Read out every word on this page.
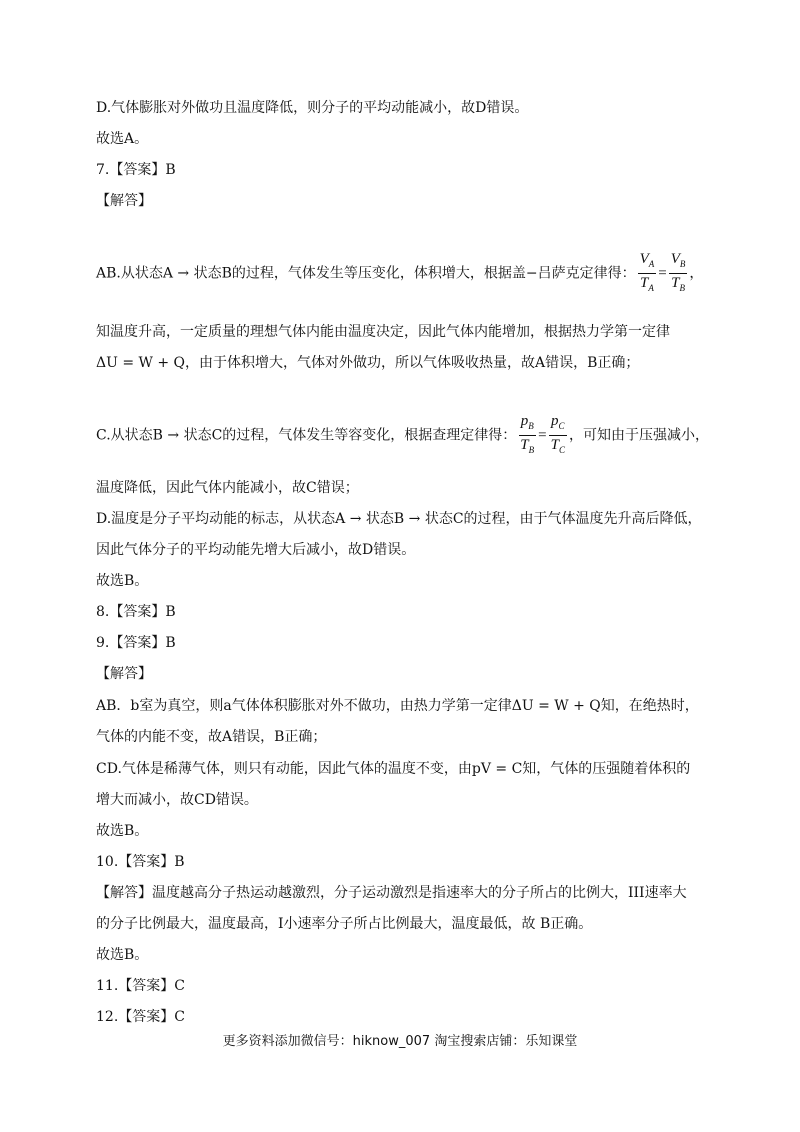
D.气体膨胀对外做功且温度降低，则分子的平均动能减小，故D错误。
故选A。
7.【答案】B
【解答】
AB.从状态A → 状态B的过程，气体发生等压变化，体积增大，根据盖−吕萨克定律得： $\frac{V_A}{T_A} = \frac{V_B}{T_B}$ ，
知温度升高，一定质量的理想气体内能由温度决定，因此气体内能增加，根据热力学第一定律
ΔU = W + Q，由于体积增大，气体对外做功，所以气体吸收热量，故A错误，B正确；
C.从状态B → 状态C的过程，气体发生等容变化，根据查理定律得： $\frac{p_B}{T_B} = \frac{p_C}{T_C}$ ，可知由于压强减小，
温度降低，因此气体内能减小，故C错误；
D.温度是分子平均动能的标志，从状态A → 状态B → 状态C的过程，由于气体温度先升高后降低，
因此气体分子的平均动能先增大后减小，故D错误。
故选B。
8.【答案】B
9.【答案】B
【解答】
AB．b室为真空，则a气体体积膨胀对外不做功，由热力学第一定律ΔU = W + Q知，在绝热时，
气体的内能不变，故A错误，B正确；
CD.气体是稀薄气体，则只有动能，因此气体的温度不变，由pV = C知，气体的压强随着体积的
增大而减小，故CD错误。
故选B。
10.【答案】B
【解答】温度越高分子热运动越激烈，分子运动激烈是指速率大的分子所占的比例大，III速率大
的分子比例最大，温度最高，I小速率分子所占比例最大，温度最低，故 B正确。
故选B。
11.【答案】C
12.【答案】C
更多资料添加微信号：hiknow_007 淘宝搜索店铺：乐知课堂
